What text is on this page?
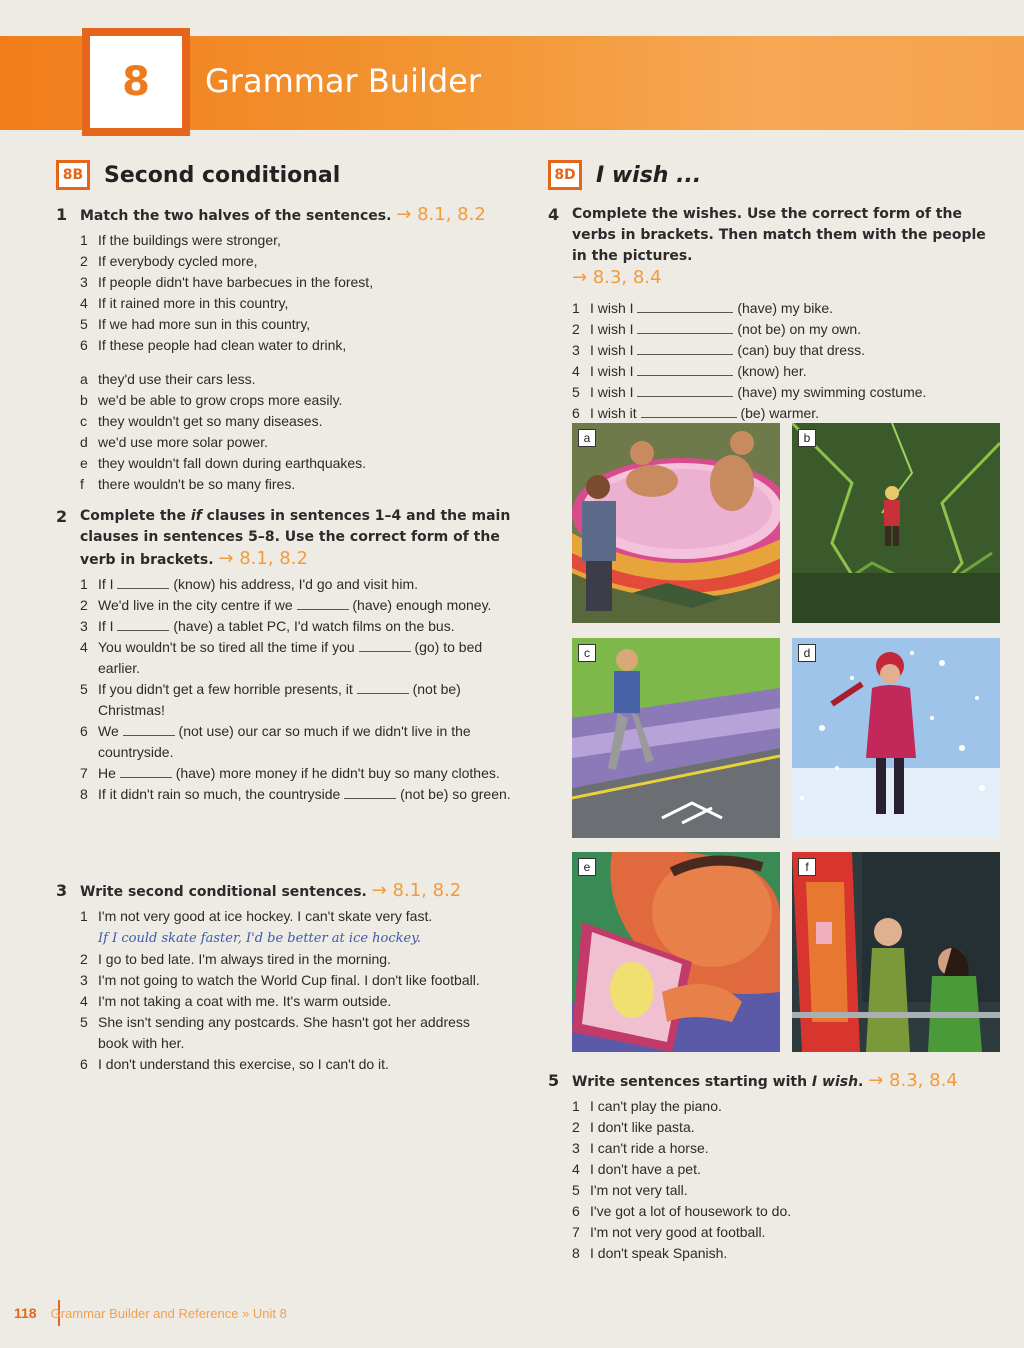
8	Grammar Builder
8B Second conditional
1 Match the two halves of the sentences. → 8.1, 8.2
1 If the buildings were stronger,
2 If everybody cycled more,
3 If people didn't have barbecues in the forest,
4 If it rained more in this country,
5 If we had more sun in this country,
6 If these people had clean water to drink,
a they'd use their cars less.
b we'd be able to grow crops more easily.
c they wouldn't get so many diseases.
d we'd use more solar power.
e they wouldn't fall down during earthquakes.
f	there wouldn't be so many fires.
2 Complete the if clauses in sentences 1–4 and the main clauses in sentences 5–8. Use the correct form of the verb in brackets. → 8.1, 8.2
1 If I	(know) his address, I'd go and visit him.
2 We'd live in the city centre if we	(have) enough money.
3 If I	(have) a tablet PC, I'd watch films on the bus.
4 You wouldn't be so tired all the time if you	(go) to bed earlier.
5 If you didn't get a few horrible presents, it	(not be) Christmas!
6 We	(not use) our car so much if we didn't live in the countryside.
7 He	(have) more money if he didn't buy so many clothes.
8 If it didn't rain so much, the countryside	(not be) so green.
3 Write second conditional sentences. → 8.1, 8.2
1 I'm not very good at ice hockey. I can't skate very fast.
If I could skate faster, I'd be better at ice hockey.
2 I go to bed late. I'm always tired in the morning.
3 I'm not going to watch the World Cup final. I don't like football.
4 I'm not taking a coat with me. It's warm outside.
5 She isn't sending any postcards. She hasn't got her address book with her.
6 I don't understand this exercise, so I can't do it.
8D I wish ...
4 Complete the wishes. Use the correct form of the verbs in brackets. Then match them with the people in the pictures.
→ 8.3, 8.4
1 I wish I	(have) my bike.
2 I wish I	(not be) on my own.
3 I wish I	(can) buy that dress.
4 I wish I	(know) her.
5 I wish I	(have) my swimming costume.
6 I wish it	(be) warmer.
a	b
c	d
e	f
5 Write sentences starting with I wish. → 8.3, 8.4
1 I can't play the piano.
2 I don't like pasta.
3 I can't ride a horse.
4 I don't have a pet.
5 I'm not very tall.
6 I've got a lot of housework to do.
7 I'm not very good at football.
8 I don't speak Spanish.
118 Grammar Builder and Reference » Unit 8
